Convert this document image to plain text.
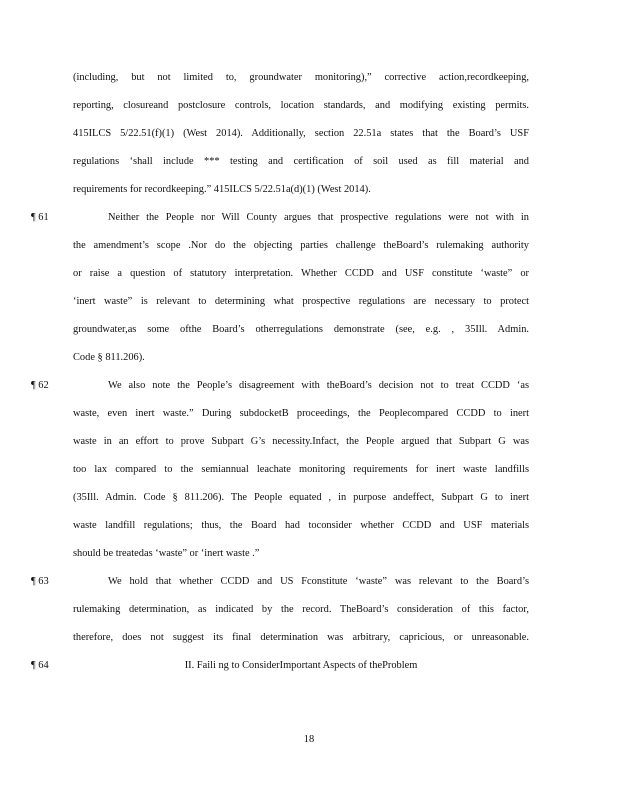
(including, but not limited to, groundwater monitoring),” corrective action,recordkeeping,
reporting, closureand postclosure controls, location standards, and modifying existing permits.
415ILCS 5/22.51(f)(1) (West 2014). Additionally, section 22.51a states that the Board’s USF
regulations ‘shall include *** testing and certification of soil used as fill material and
requirements for recordkeeping.” 415ILCS 5/22.51a(d)(1) (West 2014).
¶ 61	Neither the People nor Will County argues that prospective regulations were not with in
the amendment’s scope .Nor do the objecting parties challenge theBoard’s rulemaking authority
or raise a question of statutory interpretation. Whether CCDD and USF constitute ‘waste” or
‘inert waste” is relevant to determining what prospective regulations are necessary to protect
groundwater,as some ofthe Board’s otherregulations demonstrate (see, e.g. , 35Ill. Admin.
Code § 811.206).
¶ 62	We also note the People’s disagreement with theBoard’s decision not to treat CCDD ‘as
waste, even inert waste.” During subdocketB proceedings, the Peoplecompared CCDD to inert
waste in an effort to prove Subpart G’s necessity.Infact, the People argued that Subpart G was
too lax compared to the semiannual leachate monitoring requirements for inert waste landfills
(35Ill. Admin. Code § 811.206). The People equated , in purpose andeffect, Subpart G to inert
waste landfill regulations; thus, the Board had toconsider whether CCDD and USF materials
should be treatedas ‘waste” or ‘inert waste .”
¶ 63	We hold that whether CCDD and US Fconstitute ‘waste” was relevant to the Board’s
rulemaking determination, as indicated by the record. TheBoard’s consideration of this factor,
therefore, does not suggest its final determination was arbitrary, capricious, or unreasonable.
¶ 64	II. Faili ng to ConsiderImportant Aspects of theProblem
18
